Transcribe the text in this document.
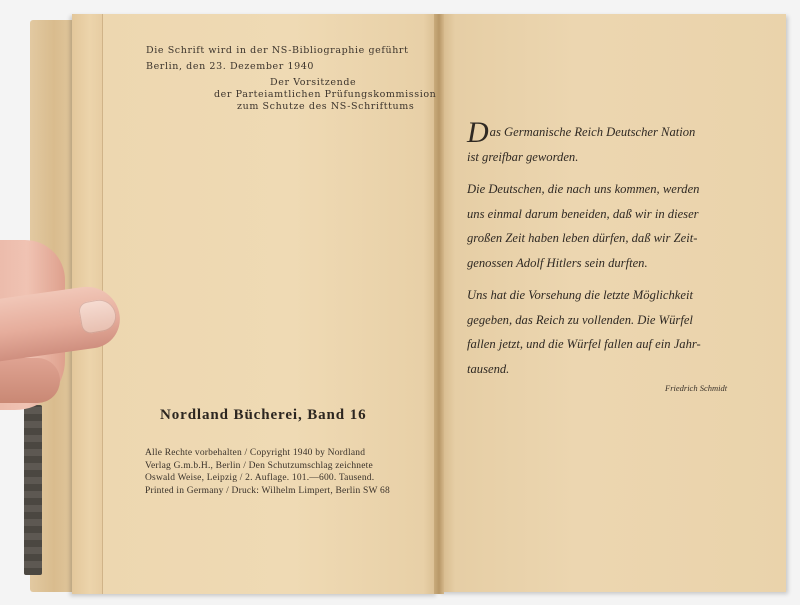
Die Schrift wird in der NS-Bibliographie geführt
Berlin, den 23. Dezember 1940
Der Vorsitzende
der Parteiamtlichen Prüfungskommission
zum Schutze des NS-Schrifttums
Nordland Bücherei, Band 16
Alle Rechte vorbehalten / Copyright 1940 by Nordland
Verlag G.m.b.H., Berlin / Den Schutzumschlag zeichnete
Oswald Weise, Leipzig / 2. Auflage. 101.—600. Tausend.
Printed in Germany / Druck: Wilhelm Limpert, Berlin SW 68
Das Germanische Reich Deutscher Nation
ist greifbar geworden.
Die Deutschen, die nach uns kommen, werden
uns einmal darum beneiden, daß wir in dieser
großen Zeit haben leben dürfen, daß wir Zeit-
genossen Adolf Hitlers sein durften.
Uns hat die Vorsehung die letzte Möglichkeit
gegeben, das Reich zu vollenden. Die Würfel
fallen jetzt, und die Würfel fallen auf ein Jahr-
tausend.
Friedrich Schmidt
